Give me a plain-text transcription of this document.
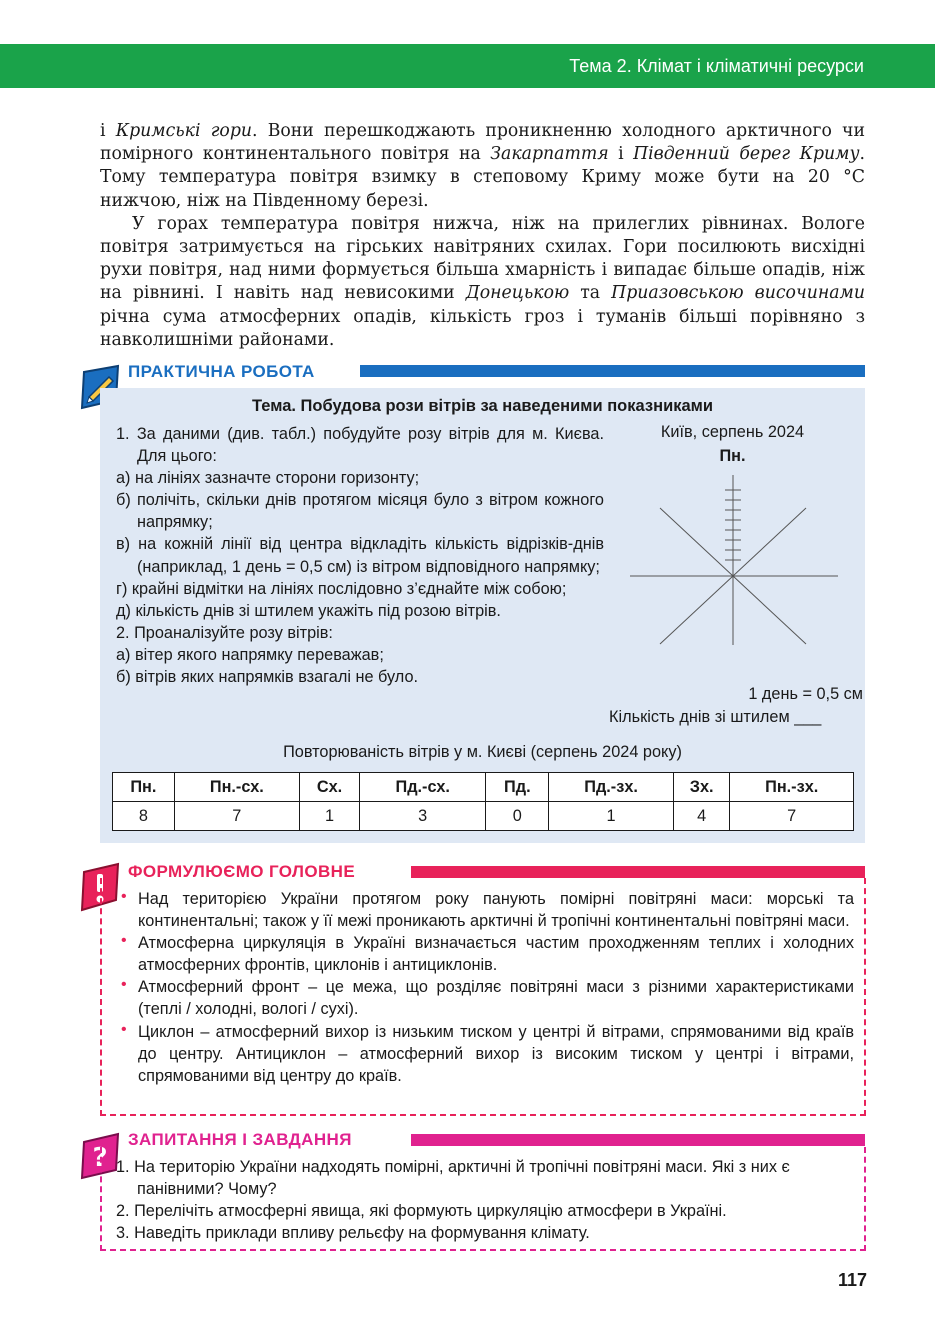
Тема 2. Клімат і кліматичні ресурси

і Кримські гори. Вони перешкоджають проникненню холодного арктичного чи помірного континентального повітря на Закарпаття і Південний берег Криму. Тому температура повітря взимку в степовому Криму може бути на 20 °C нижчою, ніж на Південному березі.

У горах температура повітря нижча, ніж на прилеглих рівнинах. Вологе повітря затримується на гірських навітряних схилах. Гори посилюють висхідні рухи повітря, над ними формується більша хмарність і випадає більше опадів, ніж на рівнині. І навіть над невисокими Донецькою та Приазовською височинами річна сума атмосферних опадів, кількість гроз і туманів більші порівняно з навколишніми районами.

ПРАКТИЧНА РОБОТА
Тема. Побудова рози вітрів за наведеними показниками
1. За даними (див. табл.) побудуйте розу вітрів для м. Києва. Для цього:
а) на лініях зазначте сторони горизонту;
б) полічіть, скільки днів протягом місяця було з вітром кожного напрямку;
в) на кожній лінії від центра відкладіть кількість відрізків-днів (наприклад, 1 день = 0,5 см) із вітром відповідного напрямку;
г) крайні відмітки на лініях послідовно з’єднайте між собою;
д) кількість днів зі штилем укажіть під розою вітрів.
2. Проаналізуйте розу вітрів:
а) вітер якого напрямку переважав;
б) вітрів яких напрямків взагалі не було.
Київ, серпень 2024
Пн.
1 день = 0,5 см
Кількість днів зі штилем ___
Повторюваність вітрів у м. Києві (серпень 2024 року)
Пн.	Пн.-сх.	Сх.	Пд.-сх.	Пд.	Пд.-зх.	Зх.	Пн.-зх.
8	7	1	3	0	1	4	7
ФОРМУЛЮЄМО ГОЛОВНЕ
• Над територією України протягом року панують помірні повітряні маси: морські та континентальні; також у її межі проникають арктичні й тропічні континентальні повітряні маси.
• Атмосферна циркуляція в Україні визначається частим проходженням теплих і холодних атмосферних фронтів, циклонів і антициклонів.
• Атмосферний фронт – це межа, що розділяє повітряні маси з різними характеристиками (теплі / холодні, вологі / сухі).
• Циклон – атмосферний вихор із низьким тиском у центрі й вітрами, спрямованими від країв до центру. Антициклон – атмосферний вихор із високим тиском у центрі і вітрами, спрямованими від центру до країв.
?
ЗАПИТАННЯ І ЗАВДАННЯ
1. На територію України надходять помірні, арктичні й тропічні повітряні маси. Які з них є панівними? Чому?
2. Перелічіть атмосферні явища, які формують циркуляцію атмосфери в Україні.
3. Наведіть приклади впливу рельєфу на формування клімату.
117
